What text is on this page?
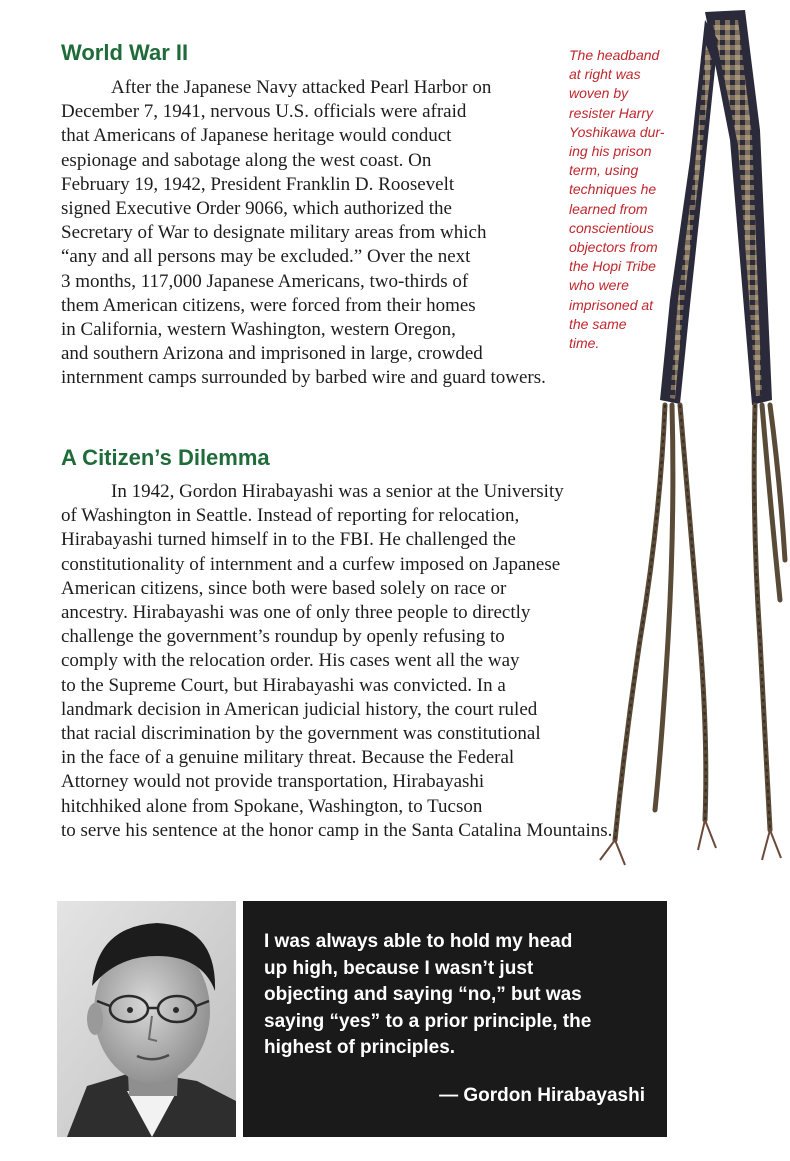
World War II
After the Japanese Navy attacked Pearl Harbor on
December 7, 1941, nervous U.S. officials were afraid
that Americans of Japanese heritage would conduct
espionage and sabotage along the west coast. On
February 19, 1942, President Franklin D. Roosevelt
signed Executive Order 9066, which authorized the
Secretary of War to designate military areas from which
“any and all persons may be excluded.” Over the next
3 months, 117,000 Japanese Americans, two-thirds of
them American citizens, were forced from their homes
in California, western Washington, western Oregon,
and southern Arizona and imprisoned in large, crowded
internment camps surrounded by barbed wire and guard towers.
The headband
at right was
woven by
resister Harry
Yoshikawa dur-
ing his prison
term, using
techniques he
learned from
conscientious
objectors from
the Hopi Tribe
who were
imprisoned at
the same
time.
A Citizen’s Dilemma
In 1942, Gordon Hirabayashi was a senior at the University
of Washington in Seattle. Instead of reporting for relocation,
Hirabayashi turned himself in to the FBI. He challenged the
constitutionality of internment and a curfew imposed on Japanese
American citizens, since both were based solely on race or
ancestry. Hirabayashi was one of only three people to directly
challenge the government’s roundup by openly refusing to
comply with the relocation order. His cases went all the way
to the Supreme Court, but Hirabayashi was convicted. In a
landmark decision in American judicial history, the court ruled
that racial discrimination by the government was constitutional
in the face of a genuine military threat. Because the Federal
Attorney would not provide transportation, Hirabayashi
hitchhiked alone from Spokane, Washington, to Tucson
to serve his sentence at the honor camp in the Santa Catalina Mountains.

I was always able to hold my head
up high, because I wasn’t just
objecting and saying “no,” but was
saying “yes” to a prior principle, the
highest of principles.

— Gordon Hirabayashi
